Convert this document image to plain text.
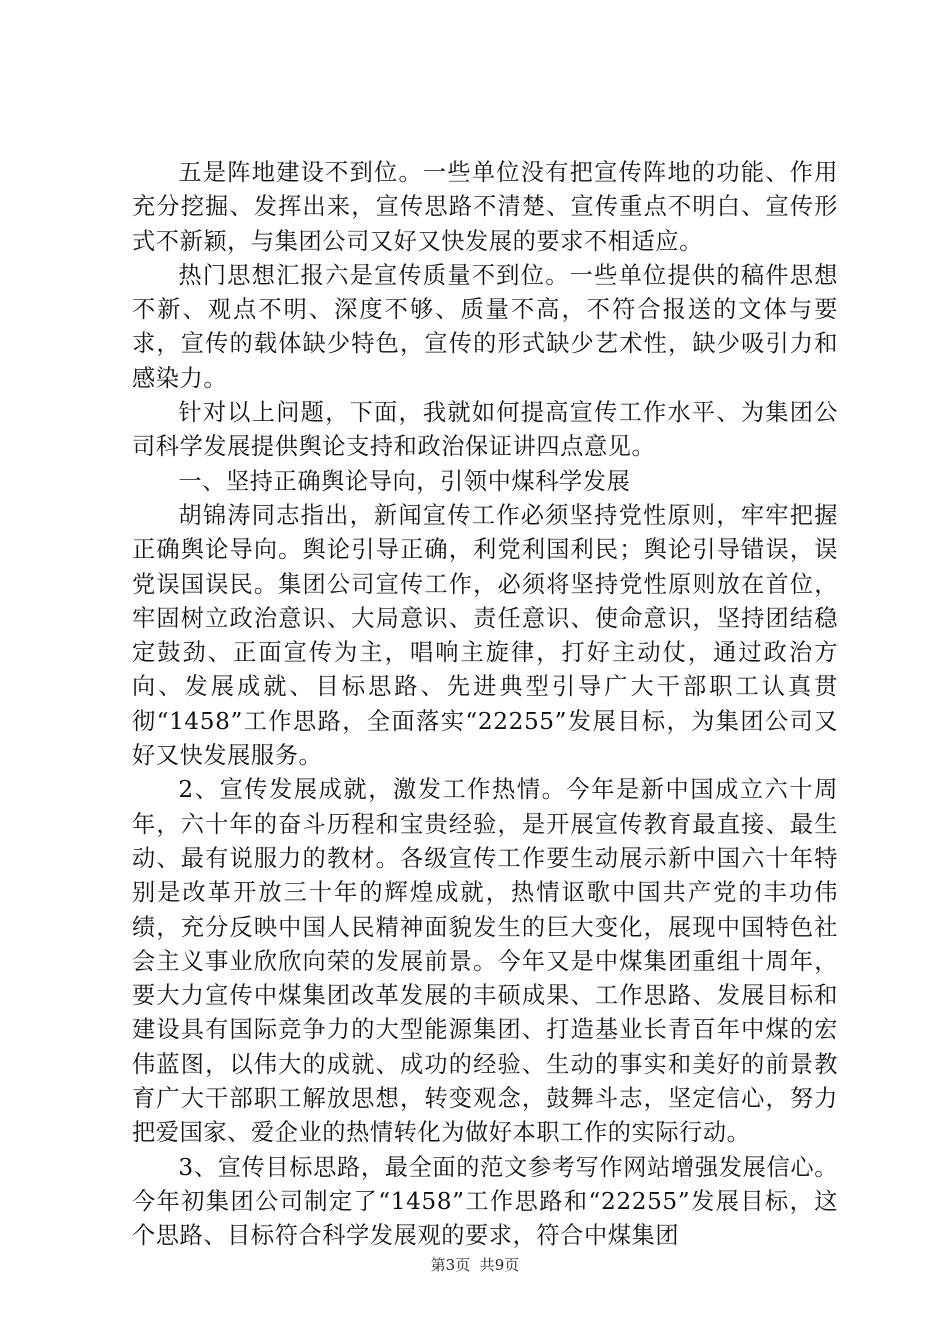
五是阵地建设不到位。一些单位没有把宣传阵地的功能、作用充分挖掘、发挥出来，宣传思路不清楚、宣传重点不明白、宣传形式不新颖，与集团公司又好又快发展的要求不相适应。

热门思想汇报六是宣传质量不到位。一些单位提供的稿件思想不新、观点不明、深度不够、质量不高，不符合报送的文体与要求，宣传的载体缺少特色，宣传的形式缺少艺术性，缺少吸引力和感染力。

针对以上问题，下面，我就如何提高宣传工作水平、为集团公司科学发展提供舆论支持和政治保证讲四点意见。

一、坚持正确舆论导向，引领中煤科学发展

胡锦涛同志指出，新闻宣传工作必须坚持党性原则，牢牢把握正确舆论导向。舆论引导正确，利党利国利民；舆论引导错误，误党误国误民。集团公司宣传工作，必须将坚持党性原则放在首位，牢固树立政治意识、大局意识、责任意识、使命意识，坚持团结稳定鼓劲、正面宣传为主，唱响主旋律，打好主动仗，通过政治方向、发展成就、目标思路、先进典型引导广大干部职工认真贯彻“1458”工作思路，全面落实“22255”发展目标，为集团公司又好又快发展服务。

2、宣传发展成就，激发工作热情。今年是新中国成立六十周年，六十年的奋斗历程和宝贵经验，是开展宣传教育最直接、最生动、最有说服力的教材。各级宣传工作要生动展示新中国六十年特别是改革开放三十年的辉煌成就，热情讴歌中国共产党的丰功伟绩，充分反映中国人民精神面貌发生的巨大变化，展现中国特色社会主义事业欣欣向荣的发展前景。今年又是中煤集团重组十周年，要大力宣传中煤集团改革发展的丰硕成果、工作思路、发展目标和建设具有国际竞争力的大型能源集团、打造基业长青百年中煤的宏伟蓝图，以伟大的成就、成功的经验、生动的事实和美好的前景教育广大干部职工解放思想，转变观念，鼓舞斗志，坚定信心，努力把爱国家、爱企业的热情转化为做好本职工作的实际行动。

3、宣传目标思路，最全面的范文参考写作网站增强发展信心。今年初集团公司制定了“1458”工作思路和“22255”发展目标，这个思路、目标符合科学发展观的要求，符合中煤集团

第3页 共9页
